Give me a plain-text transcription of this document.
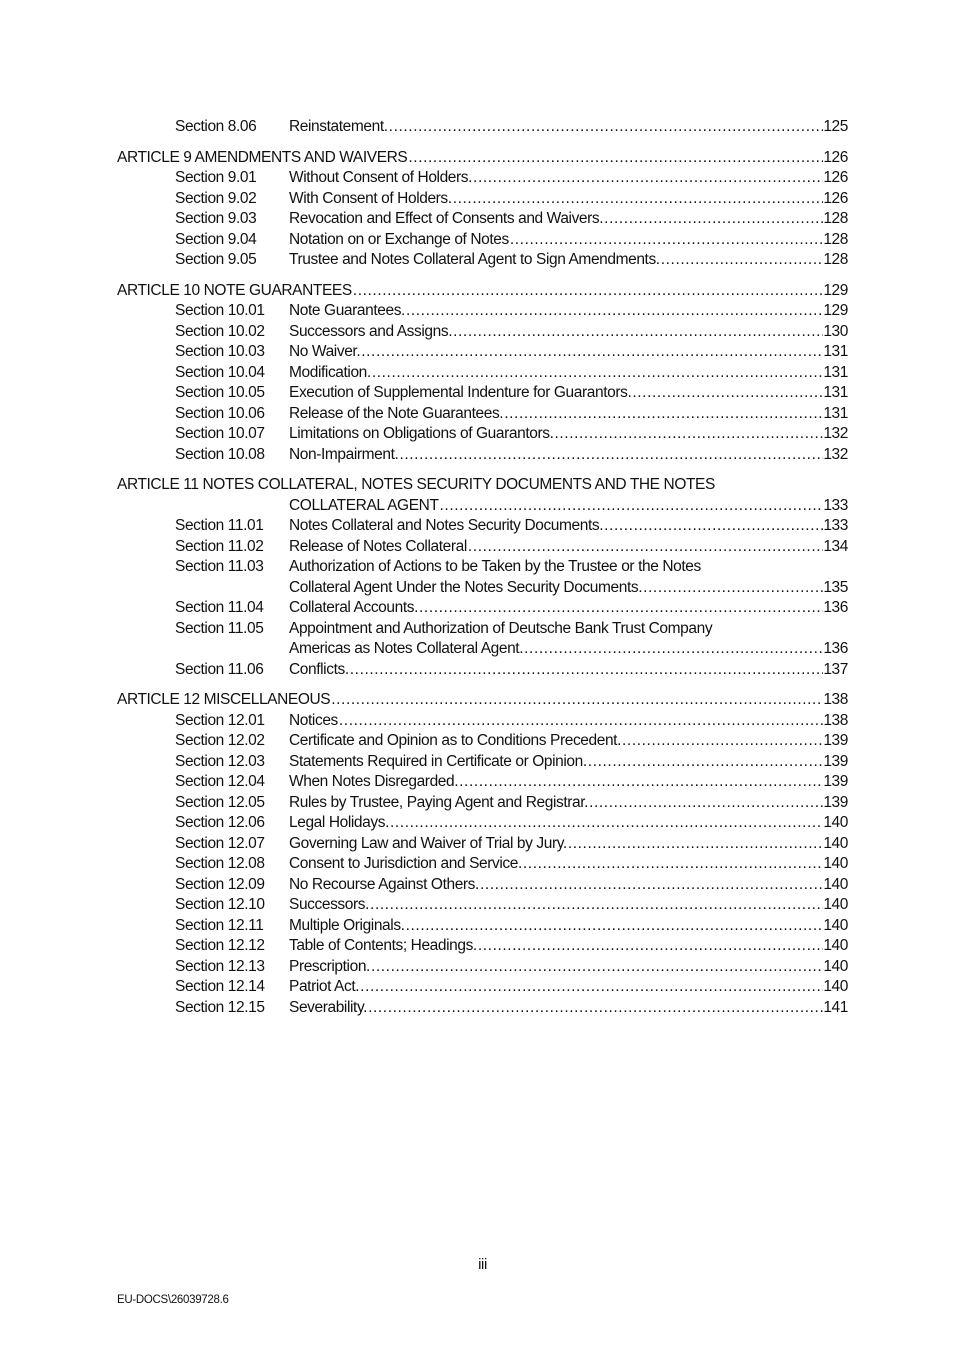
Section 8.06	Reinstatement. .....	125
ARTICLE 9 AMENDMENTS AND WAIVERS .....	126
Section 9.01	Without Consent of Holders. .....	126
Section 9.02	With Consent of Holders. .....	126
Section 9.03	Revocation and Effect of Consents and Waivers. .....	128
Section 9.04	Notation on or Exchange of Notes .....	128
Section 9.05	Trustee and Notes Collateral Agent to Sign Amendments. .....	128
ARTICLE 10 NOTE GUARANTEES .....	129
Section 10.01	Note Guarantees. .....	129
Section 10.02	Successors and Assigns. .....	130
Section 10.03	No Waiver. .....	131
Section 10.04	Modification. .....	131
Section 10.05	Execution of Supplemental Indenture for Guarantors. .....	131
Section 10.06	Release of the Note Guarantees. .....	131
Section 10.07	Limitations on Obligations of Guarantors. .....	132
Section 10.08	Non-Impairment. .....	132
ARTICLE 11 NOTES COLLATERAL, NOTES SECURITY DOCUMENTS AND THE NOTES
COLLATERAL AGENT .....	133
Section 11.01	Notes Collateral and Notes Security Documents. .....	133
Section 11.02	Release of Notes Collateral .....	134
Section 11.03	Authorization of Actions to be Taken by the Trustee or the Notes
Collateral Agent Under the Notes Security Documents. .....	135
Section 11.04	Collateral Accounts. .....	136
Section 11.05	Appointment and Authorization of Deutsche Bank Trust Company
Americas as Notes Collateral Agent. .....	136
Section 11.06	Conflicts. .....	137
ARTICLE 12 MISCELLANEOUS .....	138
Section 12.01	Notices .....	138
Section 12.02	Certificate and Opinion as to Conditions Precedent. .....	139
Section 12.03	Statements Required in Certificate or Opinion. .....	139
Section 12.04	When Notes Disregarded. .....	139
Section 12.05	Rules by Trustee, Paying Agent and Registrar. .....	139
Section 12.06	Legal Holidays. .....	140
Section 12.07	Governing Law and Waiver of Trial by Jury. .....	140
Section 12.08	Consent to Jurisdiction and Service. .....	140
Section 12.09	No Recourse Against Others. .....	140
Section 12.10	Successors. .....	140
Section 12.11	Multiple Originals. .....	140
Section 12.12	Table of Contents; Headings. .....	140
Section 12.13	Prescription. .....	140
Section 12.14	Patriot Act. .....	140
Section 12.15	Severability. .....	141
iii
EU-DOCS\26039728.6
